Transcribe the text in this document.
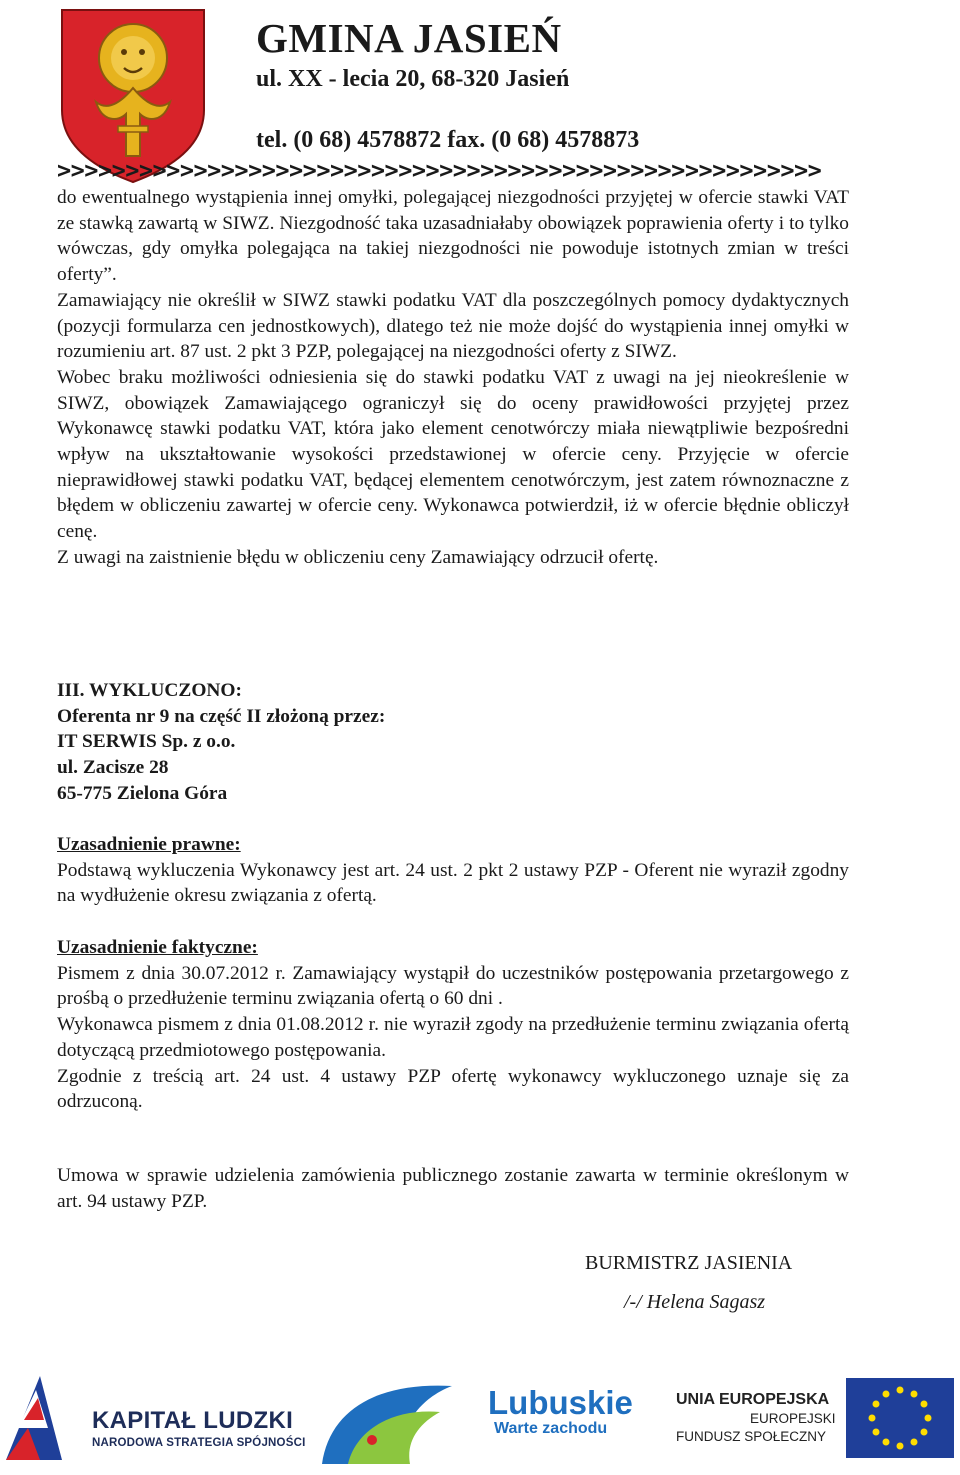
GMINA JASIEŃ
ul. XX - lecia 20, 68-320 Jasień
tel. (0 68) 4578872 fax. (0 68) 4578873
>>>>>>>>>>>>>>>>>>>>>>>>>>>>>>>>>>>>>>>>>>>>>>>>>>>>>>>>

do ewentualnego wystąpienia innej omyłki, polegającej niezgodności przyjętej w ofercie stawki VAT ze stawką zawartą w SIWZ. Niezgodność taka uzasadniałaby obowiązek poprawienia oferty i to tylko wówczas, gdy omyłka polegająca na takiej niezgodności nie powoduje istotnych zmian w treści oferty”.

Zamawiający nie określił w SIWZ stawki podatku VAT dla poszczególnych pomocy dydaktycznych (pozycji formularza cen jednostkowych), dlatego też nie może dojść do wystąpienia innej omyłki w rozumieniu art. 87 ust. 2 pkt 3 PZP, polegającej na niezgodności oferty z SIWZ.

Wobec braku możliwości odniesienia się do stawki podatku VAT z uwagi na jej nieokreślenie w SIWZ, obowiązek Zamawiającego ograniczył się do oceny prawidłowości przyjętej przez Wykonawcę stawki podatku VAT, która jako element cenotwórczy miała niewątpliwie bezpośredni wpływ na ukształtowanie wysokości przedstawionej w ofercie ceny. Przyjęcie w ofercie nieprawidłowej stawki podatku VAT, będącej elementem cenotwórczym, jest zatem równoznaczne z błędem w obliczeniu zawartej w ofercie ceny. Wykonawca potwierdził, iż w ofercie błędnie obliczył cenę.

Z uwagi na zaistnienie błędu w obliczeniu ceny Zamawiający odrzucił ofertę.

III. WYKLUCZONO:

Oferenta nr 9 na część II złożoną przez:

IT SERWIS Sp. z o.o.

ul. Zacisze 28

65-775 Zielona Góra

Uzasadnienie prawne:

Podstawą wykluczenia Wykonawcy jest art. 24 ust. 2 pkt 2 ustawy PZP - Oferent nie wyraził zgodny na wydłużenie okresu związania z ofertą.

Uzasadnienie faktyczne:

Pismem z dnia 30.07.2012 r. Zamawiający wystąpił do uczestników postępowania przetargowego z prośbą o przedłużenie terminu związania ofertą o 60 dni .

Wykonawca pismem z dnia 01.08.2012 r. nie wyraził zgody na przedłużenie terminu związania ofertą dotyczącą przedmiotowego postępowania.

Zgodnie z treścią art. 24 ust. 4 ustawy PZP ofertę wykonawcy wykluczonego uznaje się za odrzuconą.

Umowa w sprawie udzielenia zamówienia publicznego zostanie zawarta w terminie określonym w art. 94 ustawy PZP.

BURMISTRZ JASIENIA
/-/ Helena Sagasz
KAPITAŁ LUDZKI
NARODOWA STRATEGIA SPÓJNOŚCI
Lubuskie
Warte zachodu
UNIA EUROPEJSKA
EUROPEJSKI
FUNDUSZ SPOŁECZNY
